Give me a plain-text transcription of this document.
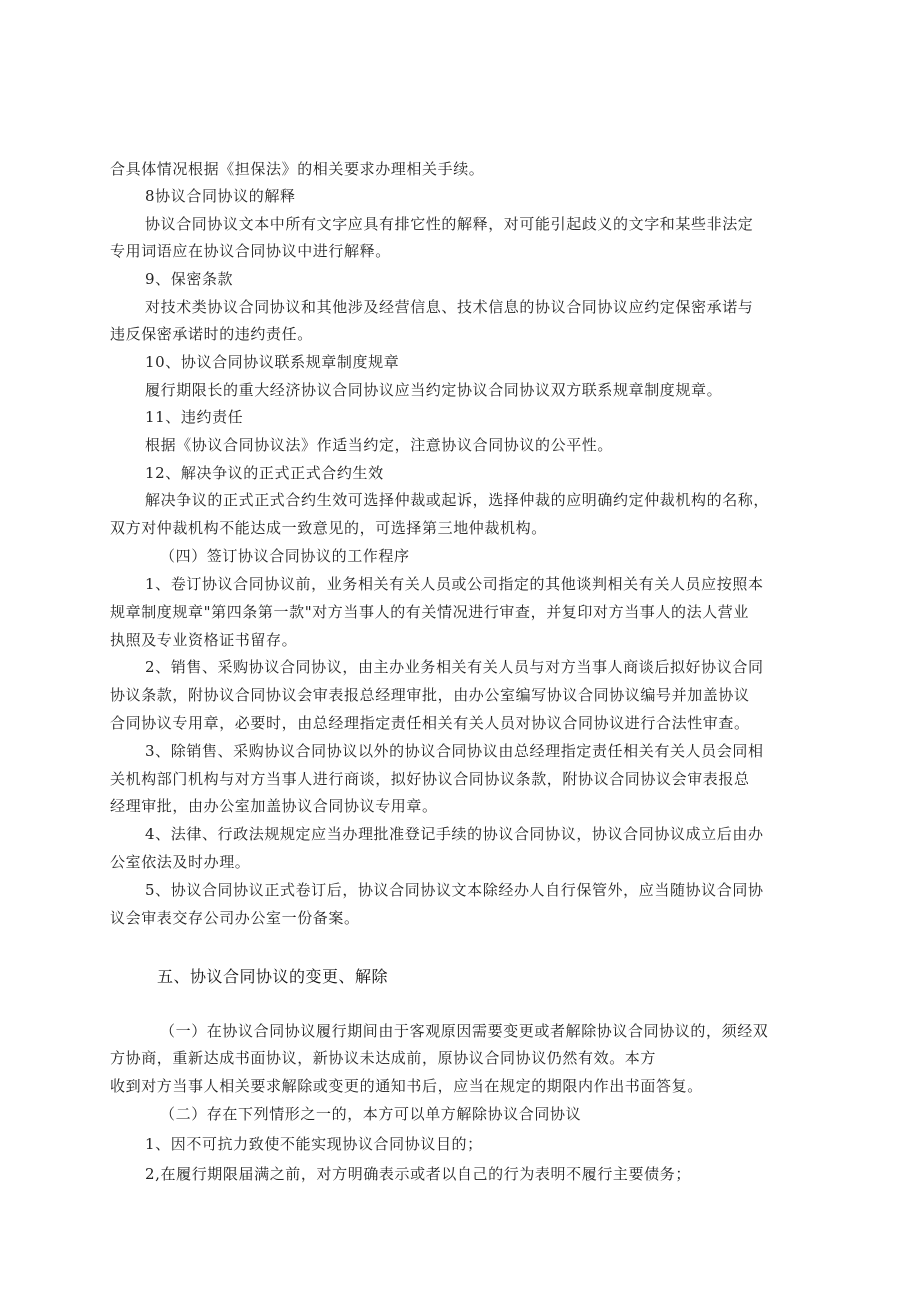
合具体情况根据《担保法》的相关要求办理相关手续。
8协议合同协议的解释
协议合同协议文本中所有文字应具有排它性的解释，对可能引起歧义的文字和某些非法定
专用词语应在协议合同协议中进行解释。
9、保密条款
对技术类协议合同协议和其他涉及经营信息、技术信息的协议合同协议应约定保密承诺与
违反保密承诺时的违约责任。
10、协议合同协议联系规章制度规章
履行期限长的重大经济协议合同协议应当约定协议合同协议双方联系规章制度规章。
11、违约责任
根据《协议合同协议法》作适当约定，注意协议合同协议的公平性。
12、解决争议的正式正式合约生效
解决争议的正式正式合约生效可选择仲裁或起诉，选择仲裁的应明确约定仲裁机构的名称，
双方对仲裁机构不能达成一致意见的，可选择第三地仲裁机构。
（四）签订协议合同协议的工作程序
1、卷订协议合同协议前，业务相关有关人员或公司指定的其他谈判相关有关人员应按照本
规章制度规章"第四条第一款"对方当事人的有关情况进行审查，并复印对方当事人的法人营业
执照及专业资格证书留存。
2、销售、采购协议合同协议，由主办业务相关有关人员与对方当事人商谈后拟好协议合同
协议条款，附协议合同协议会审表报总经理审批，由办公室编写协议合同协议编号并加盖协议
合同协议专用章，必要时，由总经理指定责任相关有关人员对协议合同协议进行合法性审查。
3、除销售、采购协议合同协议以外的协议合同协议由总经理指定责任相关有关人员会同相
关机构部门机构与对方当事人进行商谈，拟好协议合同协议条款，附协议合同协议会审表报总
经理审批，由办公室加盖协议合同协议专用章。
4、法律、行政法规规定应当办理批准登记手续的协议合同协议，协议合同协议成立后由办
公室依法及时办理。
5、协议合同协议正式卷订后，协议合同协议文本除经办人自行保管外，应当随协议合同协
议会审表交存公司办公室一份备案。
五、协议合同协议的变更、解除
（一）在协议合同协议履行期间由于客观原因需要变更或者解除协议合同协议的，须经双
方协商，重新达成书面协议，新协议未达成前，原协议合同协议仍然有效。本方
收到对方当事人相关要求解除或变更的通知书后，应当在规定的期限内作出书面答复。
（二）存在下列情形之一的，本方可以单方解除协议合同协议
1、因不可抗力致使不能实现协议合同协议目的；
2,在履行期限届满之前，对方明确表示或者以自己的行为表明不履行主要债务；
